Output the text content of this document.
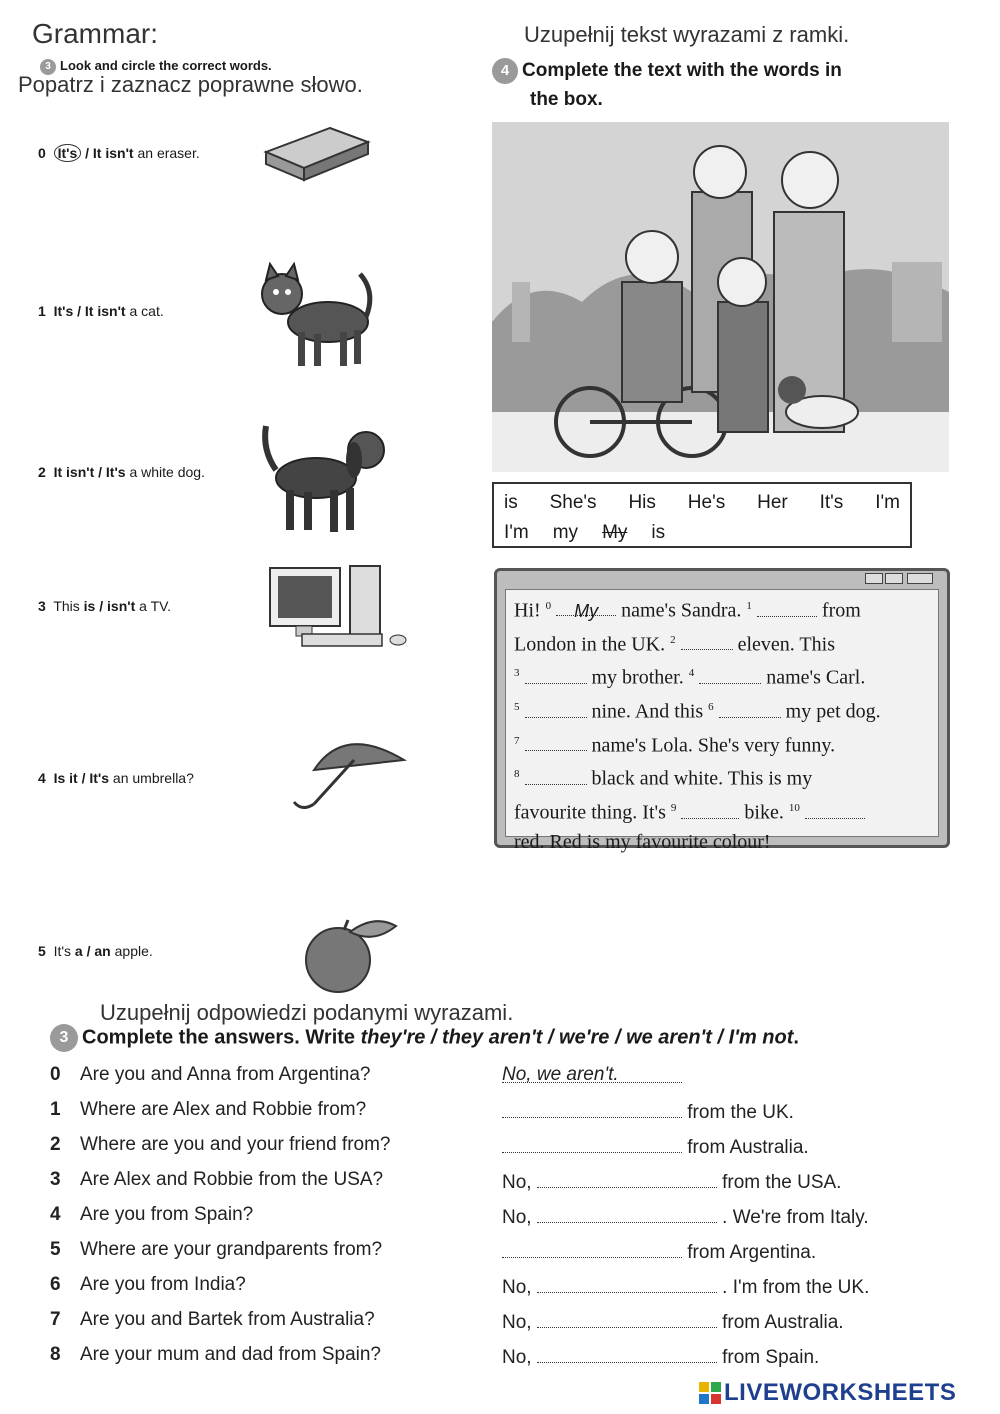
Grammar:	Uzupełnij tekst wyrazami z ramki.
3 Look and circle the correct words.
Popatrz i zaznacz poprawne słowo.
0 It's / It isn't an eraser.
1 It's / It isn't a cat.
2 It isn't / It's a white dog.
3 This is / isn't a TV.
4 Is it / It's an umbrella?
5 It's a / an apple.
4 Complete the text with the words in
the box.
is She's His He's Her It's I'm
I'm my My is
Hi! $^0$ My name's Sandra. $^1$	from
London in the UK. $^2$	eleven. This
$^3$	my brother. $^4$	name's Carl.
$^5$	nine. And this $^6$	my pet dog.
$^7$	name's Lola. She's very funny.
$^8$	black and white. This is my
favourite thing. It's $^9$	bike. $^{10}$
red. Red is my favourite colour!
Uzupełnij odpowiedzi podanymi wyrazami.
3 Complete the answers. Write they're / they aren't / we're / we aren't / I'm not.
0 Are you and Anna from Argentina?	No, we aren't.
1 Where are Alex and Robbie from?	from the UK.
2 Where are you and your friend from?	from Australia.
3 Are Alex and Robbie from the USA?	No,	from the USA.
4 Are you from Spain?	No,	. We're from Italy.
5 Where are your grandparents from?	from Argentina.
6 Are you from India?	No,	. I'm from the UK.
7 Are you and Bartek from Australia?	No,	from Australia.
8 Are your mum and dad from Spain?	No,	from Spain.
LIVEWORKSHEETS
